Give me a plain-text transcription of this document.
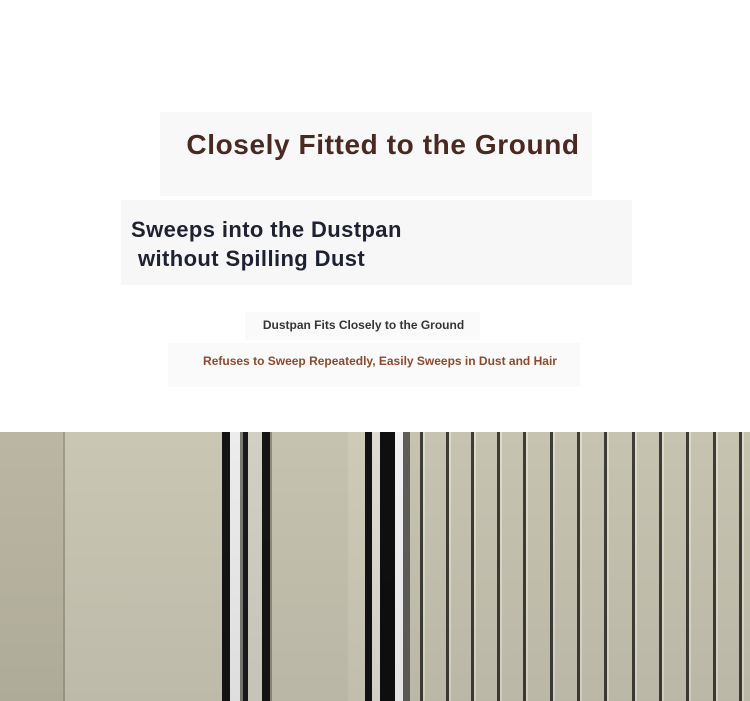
Closely Fitted to the Ground
Sweeps into the Dustpan
without Spilling Dust
Dustpan Fits Closely to the Ground
Refuses to Sweep Repeatedly, Easily Sweeps in Dust and Hair
